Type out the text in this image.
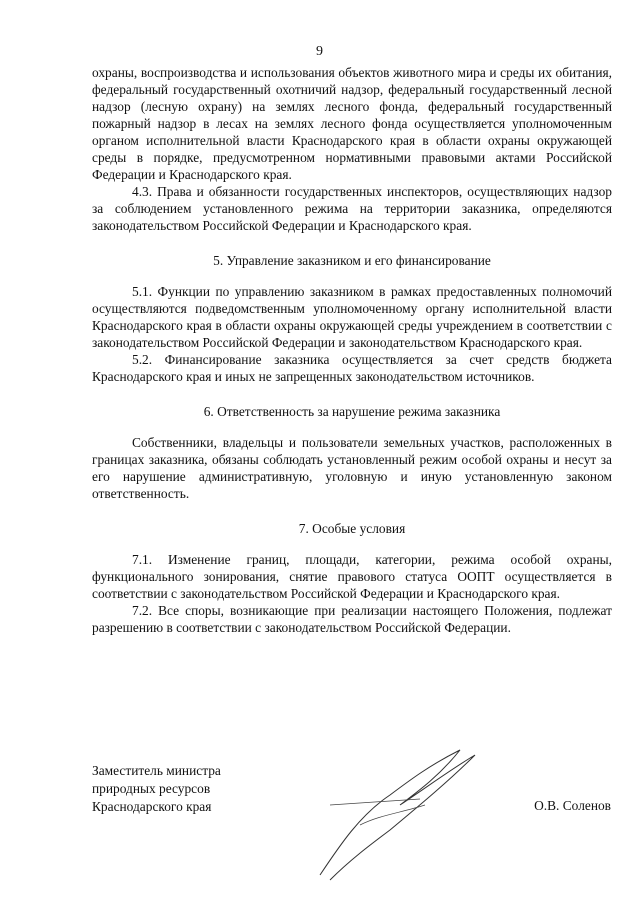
9

охраны, воспроизводства и использования объектов животного мира и среды их обитания, федеральный государственный охотничий надзор, федеральный государственный лесной надзор (лесную охрану) на землях лесного фонда, федеральный государственный пожарный надзор в лесах на землях лесного фонда осуществляется уполномоченным органом исполнительной власти Краснодарского края в области охраны окружающей среды в порядке, предусмотренном нормативными правовыми актами Российской Федерации и Краснодарского края.

4.3. Права и обязанности государственных инспекторов, осуществляющих надзор за соблюдением установленного режима на территории заказника, определяются законодательством Российской Федерации и Краснодарского края.

5. Управление заказником и его финансирование

5.1. Функции по управлению заказником в рамках предоставленных полномочий осуществляются подведомственным уполномоченному органу исполнительной власти Краснодарского края в области охраны окружающей среды учреждением в соответствии с законодательством Российской Федерации и законодательством Краснодарского края.

5.2. Финансирование заказника осуществляется за счет средств бюджета Краснодарского края и иных не запрещенных законодательством источников.

6. Ответственность за нарушение режима заказника

Собственники, владельцы и пользователи земельных участков, расположенных в границах заказника, обязаны соблюдать установленный режим особой охраны и несут за его нарушение административную, уголовную и иную установленную законом ответственность.

7. Особые условия

7.1. Изменение границ, площади, категории, режима особой охраны, функционального зонирования, снятие правового статуса ООПТ осуществляется в соответствии с законодательством Российской Федерации и Краснодарского края.

7.2. Все споры, возникающие при реализации настоящего Положения, подлежат разрешению в соответствии с законодательством Российской Федерации.

Заместитель министра
природных ресурсов
Краснодарского края	О.В. Соленов
